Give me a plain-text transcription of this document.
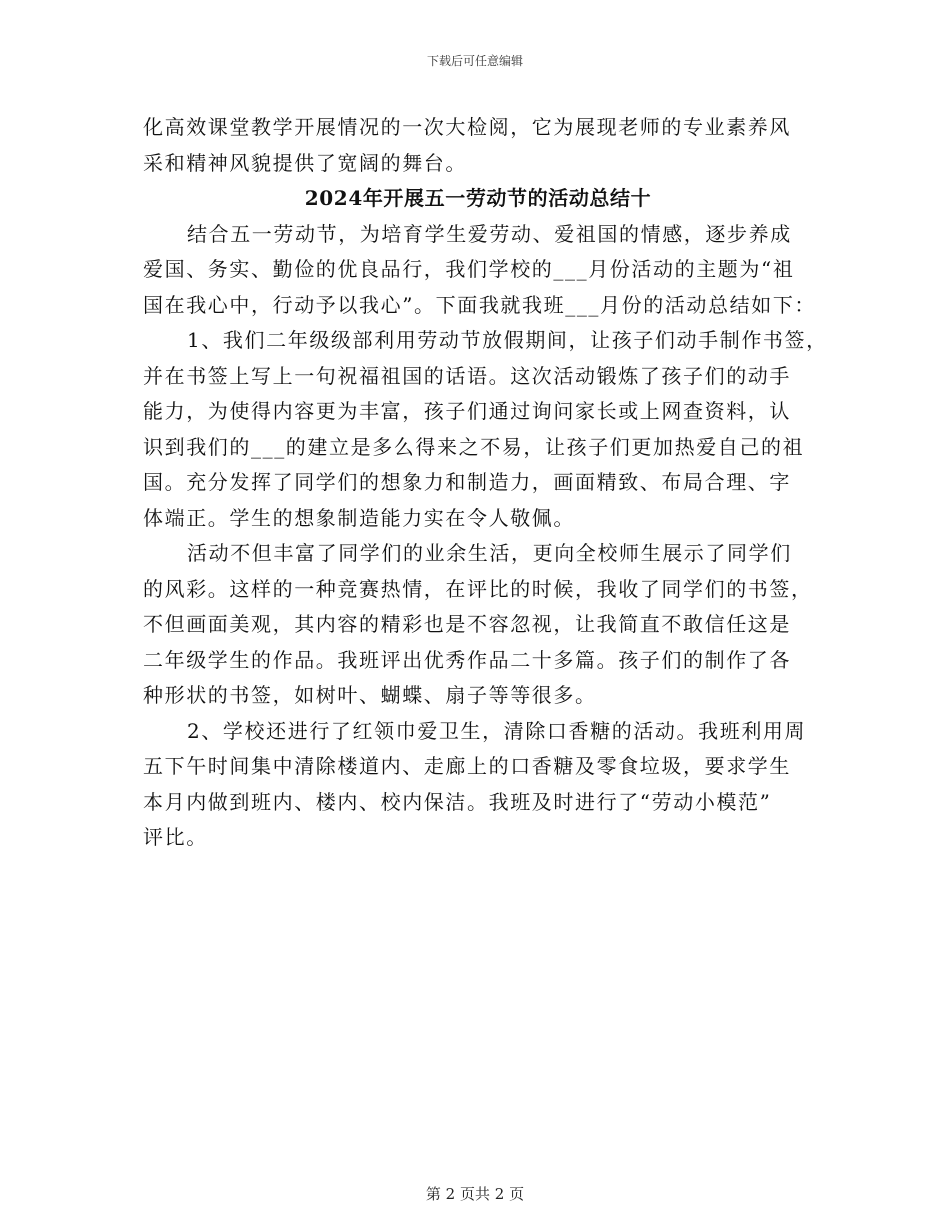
下载后可任意编辑
化高效课堂教学开展情况的一次大检阅，它为展现老师的专业素养风
采和精神风貌提供了宽阔的舞台。
2024年开展五一劳动节的活动总结十
结合五一劳动节，为培育学生爱劳动、爱祖国的情感，逐步养成
爱国、务实、勤俭的优良品行，我们学校的___月份活动的主题为“祖
国在我心中，行动予以我心”。下面我就我班___月份的活动总结如下：
1、我们二年级级部利用劳动节放假期间，让孩子们动手制作书签，
并在书签上写上一句祝福祖国的话语。这次活动锻炼了孩子们的动手
能力，为使得内容更为丰富，孩子们通过询问家长或上网查资料，认
识到我们的___的建立是多么得来之不易，让孩子们更加热爱自己的祖
国。充分发挥了同学们的想象力和制造力，画面精致、布局合理、字
体端正。学生的想象制造能力实在令人敬佩。
活动不但丰富了同学们的业余生活，更向全校师生展示了同学们
的风彩。这样的一种竞赛热情，在评比的时候，我收了同学们的书签，
不但画面美观，其内容的精彩也是不容忽视，让我简直不敢信任这是
二年级学生的作品。我班评出优秀作品二十多篇。孩子们的制作了各
种形状的书签，如树叶、蝴蝶、扇子等等很多。
2、学校还进行了红领巾爱卫生，清除口香糖的活动。我班利用周
五下午时间集中清除楼道内、走廊上的口香糖及零食垃圾，要求学生
本月内做到班内、楼内、校内保洁。我班及时进行了“劳动小模范”
评比。
第 2 页共 2 页
